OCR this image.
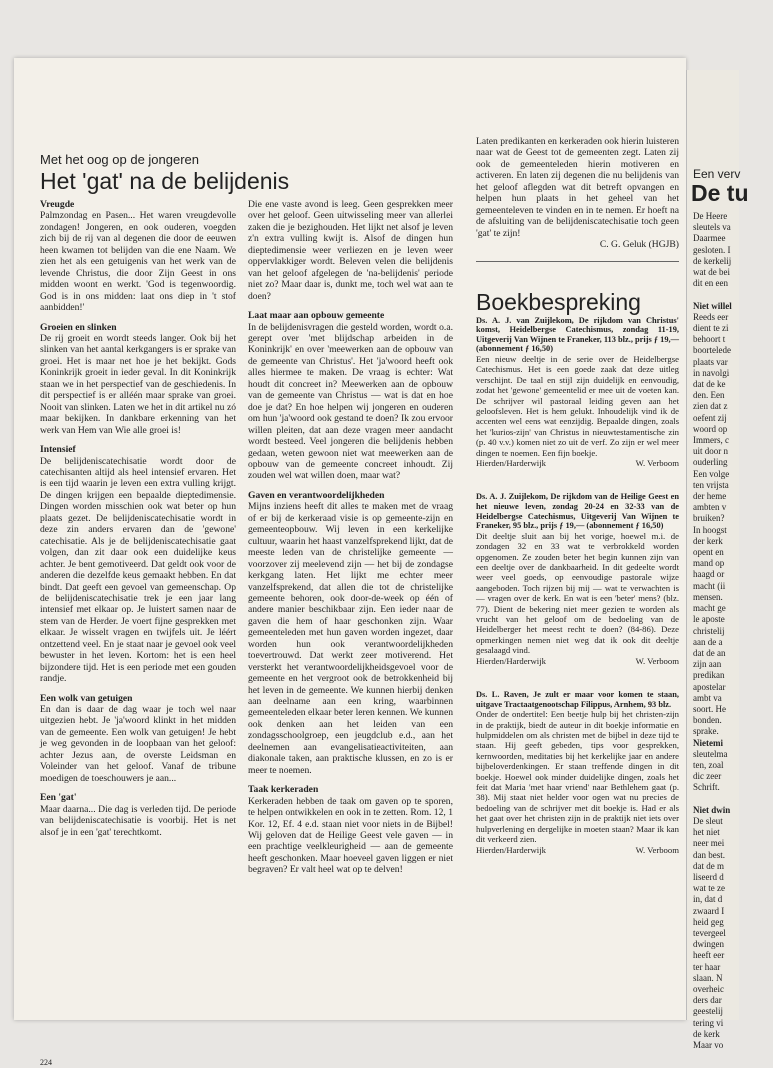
Met het oog op de jongeren
Het 'gat' na de belijdenis

Vreugde

Palmzondag en Pasen... Het waren vreugdevolle zondagen! Jongeren, en ook ouderen, voegden zich bij de rij van al degenen die door de eeuwen heen kwamen tot belijden van die ene Naam. We zien het als een getuigenis van het werk van de levende Christus, die door Zijn Geest in ons midden woont en werkt. 'God is tegenwoordig. God is in ons midden: laat ons diep in 't stof aanbidden!'

Groeien en slinken

De rij groeit en wordt steeds langer. Ook bij het slinken van het aantal kerkgangers is er sprake van groei. Het is maar net hoe je het bekijkt. Gods Koninkrijk groeit in ieder geval. In dit Koninkrijk staan we in het perspectief van de geschiedenis. In dit perspectief is er alléén maar sprake van groei. Nooit van slinken. Laten we het in dit artikel nu zó maar bekijken. In dankbare erkenning van het werk van Hem van Wie alle groei is!

Intensief

De belijdeniscatechisatie wordt door de catechisanten altijd als heel intensief ervaren. Het is een tijd waarin je leven een extra vulling krijgt. De dingen krijgen een bepaalde dieptedimensie. Dingen worden misschien ook wat beter op hun plaats gezet. De belijdeniscatechisatie wordt in deze zin anders ervaren dan de 'gewone' catechisatie. Als je de belijdeniscatechisatie gaat volgen, dan zit daar ook een duidelijke keus achter. Je bent gemotiveerd. Dat geldt ook voor de anderen die dezelfde keus gemaakt hebben. En dat bindt. Dat geeft een gevoel van gemeenschap. Op de belijdeniscatechisatie trek je een jaar lang intensief met elkaar op. Je luistert samen naar de stem van de Herder. Je voert fijne gesprekken met elkaar. Je wisselt vragen en twijfels uit. Je léért ontzettend veel. En je staat naar je gevoel ook veel bewuster in het leven. Kortom: het is een heel bijzondere tijd. Het is een periode met een gouden randje.

Een wolk van getuigen

En dan is daar de dag waar je toch wel naar uitgezien hebt. Je 'ja'woord klinkt in het midden van de gemeente. Een wolk van getuigen! Je hebt je weg gevonden in de loopbaan van het geloof: achter Jezus aan, de overste Leidsman en Voleinder van het geloof. Vanaf de tribune moedigen de toeschouwers je aan...

Een 'gat'

Maar daarna... Die dag is verleden tijd. De periode van belijdeniscatechisatie is voorbij. Het is net alsof je in een 'gat' terechtkomt.

Die ene vaste avond is leeg. Geen gesprekken meer over het geloof. Geen uitwisseling meer van allerlei zaken die je bezighouden. Het lijkt net alsof je leven z'n extra vulling kwijt is. Alsof de dingen hun dieptedimensie weer verliezen en je leven weer oppervlakkiger wordt. Beleven velen die belijdenis van het geloof afgelegen de 'na-belijdenis' periode niet zo? Maar daar is, dunkt me, toch wel wat aan te doen?

Laat maar aan opbouw gemeente

In de belijdenisvragen die gesteld worden, wordt o.a. gerept over 'met blijdschap arbeiden in de Koninkrijk' en over 'meewerken aan de opbouw van de gemeente van Christus'. Het 'ja'woord heeft ook alles hiermee te maken. De vraag is echter: Wat houdt dit concreet in? Meewerken aan de opbouw van de gemeente van Christus — wat is dat en hoe doe je dat? En hoe helpen wij jongeren en ouderen om hun 'ja'woord ook gestand te doen? Ik zou ervoor willen pleiten, dat aan deze vragen meer aandacht wordt besteed. Veel jongeren die belijdenis hebben gedaan, weten gewoon niet wat meewerken aan de opbouw van de gemeente concreet inhoudt. Zij zouden wel wat willen doen, maar wat?

Gaven en verantwoordelijkheden

Mijns inziens heeft dit alles te maken met de vraag of er bij de kerkeraad visie is op gemeente-zijn en gemeenteopbouw. Wij leven in een kerkelijke cultuur, waarin het haast vanzelfsprekend lijkt, dat de meeste leden van de christelijke gemeente — voorzover zij meelevend zijn — het bij de zondagse kerkgang laten. Het lijkt me echter meer vanzelfsprekend, dat allen die tot de christelijke gemeente behoren, ook door-de-week op één of andere manier beschikbaar zijn. Een ieder naar de gaven die hem of haar geschonken zijn. Waar gemeenteleden met hun gaven worden ingezet, daar worden hun ook verantwoordelijkheden toevertrouwd. Dat werkt zeer motiverend. Het versterkt het verantwoordelijkheidsgevoel voor de gemeente en het vergroot ook de betrokkenheid bij het leven in de gemeente. We kunnen hierbij denken aan deelname aan een kring, waarbinnen gemeenteleden elkaar beter leren kennen. We kunnen ook denken aan het leiden van een zondagsschoolgroep, een jeugdclub e.d., aan het deelnemen aan evangelisatieactiviteiten, aan diakonale taken, aan praktische klussen, en zo is er meer te noemen.

Taak kerkeraden

Kerkeraden hebben de taak om gaven op te sporen, te helpen ontwikkelen en ook in te zetten. Rom. 12, 1 Kor. 12, Ef. 4 e.d. staan niet voor niets in de Bijbel! Wij geloven dat de Heilige Geest vele gaven — in een prachtige veelkleurigheid — aan de gemeente heeft geschonken. Maar hoeveel gaven liggen er niet begraven? Er valt heel wat op te delven!

Laten predikanten en kerkeraden ook hierin luisteren naar wat de Geest tot de gemeenten zegt. Laten zij ook de gemeenteleden hierin motiveren en activeren. En laten zij degenen die nu belijdenis van het geloof aflegden wat dit betreft opvangen en helpen hun plaats in het geheel van het gemeenteleven te vinden en in te nemen. Er hoeft na de afsluiting van de belijdeniscatechisatie toch geen 'gat' te zijn!

C. G. Geluk (HGJB)

Boekbespreking

Ds. A. J. van Zuijlekom, De rijkdom van Christus' komst, Heidelbergse Catechismus, zondag 11-19, Uitgeverij Van Wijnen te Franeker, 113 blz., prijs ƒ 19,— (abonnement ƒ 16,50)

Een nieuw deeltje in de serie over de Heidelbergse Catechismus. Het is een goede zaak dat deze uitleg verschijnt. De taal en stijl zijn duidelijk en eenvoudig, zodat het 'gewone' gemeentelid er mee uit de voeten kan. De schrijver wil pastoraal leiding geven aan het geloofsleven. Het is hem gelukt. Inhoudelijk vind ik de accenten wel eens wat eenzijdig. Bepaalde dingen, zoals het 'kurios-zijn' van Christus in nieuwtestamentische zin (p. 40 v.v.) komen niet zo uit de verf. Zo zijn er wel meer dingen te noemen. Een fijn boekje.

Hierden/Harderwijk	W. Verboom

Ds. A. J. Zuijlekom, De rijkdom van de Heilige Geest en het nieuwe leven, zondag 20-24 en 32-33 van de Heidelbergse Catechismus, Uitgeverij Van Wijnen te Franeker, 95 blz., prijs ƒ 19,— (abonnement ƒ 16,50)

Dit deeltje sluit aan bij het vorige, hoewel m.i. de zondagen 32 en 33 wat te verbrokkeld worden opgenomen. Ze zouden beter het begin kunnen zijn van een deeltje over de dankbaarheid. In dit gedeelte wordt weer veel goeds, op eenvoudige pastorale wijze aangeboden. Toch rijzen bij mij — wat te verwachten is — vragen over de kerk. En wat is een 'beter' mens? (blz. 77). Dient de bekering niet meer gezien te worden als vrucht van het geloof om de bedoeling van de Heidelberger het meest recht te doen? (84-86). Deze opmerkingen nemen niet weg dat ik ook dit deeltje gesalaagd vind.

Hierden/Harderwijk	W. Verboom

Ds. L. Raven, Je zult er maar voor komen te staan, uitgave Tractaatgenootschap Filippus, Arnhem, 93 blz.

Onder de ondertitel: Een beetje hulp bij het christen-zijn in de praktijk, biedt de auteur in dit boekje informatie en hulpmiddelen om als christen met de bijbel in deze tijd te staan. Hij geeft gebeden, tips voor gesprekken, kernwoorden, meditaties bij het kerkelijke jaar en andere bijbeloverdenkingen. Er staan treffende dingen in dit boekje. Hoewel ook minder duidelijke dingen, zoals het feit dat Maria 'met haar vriend' naar Bethlehem gaat (p. 38). Mij staat niet helder voor ogen wat nu precies de bedoeling van de schrijver met dit boekje is. Had er als het gaat over het christen zijn in de praktijk niet iets over hulpverlening en dergelijke in moeten staan? Maar ik kan dit verkeerd zien.

Hierden/Harderwijk	W. Verboom
224
Een verv
De tu
De Heere
sleutels va
Daarmee
gesloten. I
de kerkelij
wat de bei
dit en een
Niet willel
Reeds eer
dient te zi
behoort t
boortelede
plaats var
in navolgi
dat de ke
den. Een
zien dat z
oefent zij
woord op
Immers, c
uit door n
ouderling
Een volge
ten vrijsta
der heme
ambten v
bruiken?
In hoogst
der kerk
opent en
mand op
haagd or
macht (ii
mensen.
macht ge
le aposte
christelij
aan de a
dat de an
zijn aan
predikan
apostelar
ambt va
soort. He
bonden.
sprake.
Nietemi
sleutelma
ten, zoal
dic zeer
Schrift.
Niet dwin
De sleut
het niet
neer mei
dan best.
dat de m
liseerd d
wat te ze
in, dat d
zwaard I
heid geg
tevergeel
dwingen
heeft eer
ter haar
slaan. N
overheic
ders dar
geestelij
tering vi
de kerk
Maar vo
